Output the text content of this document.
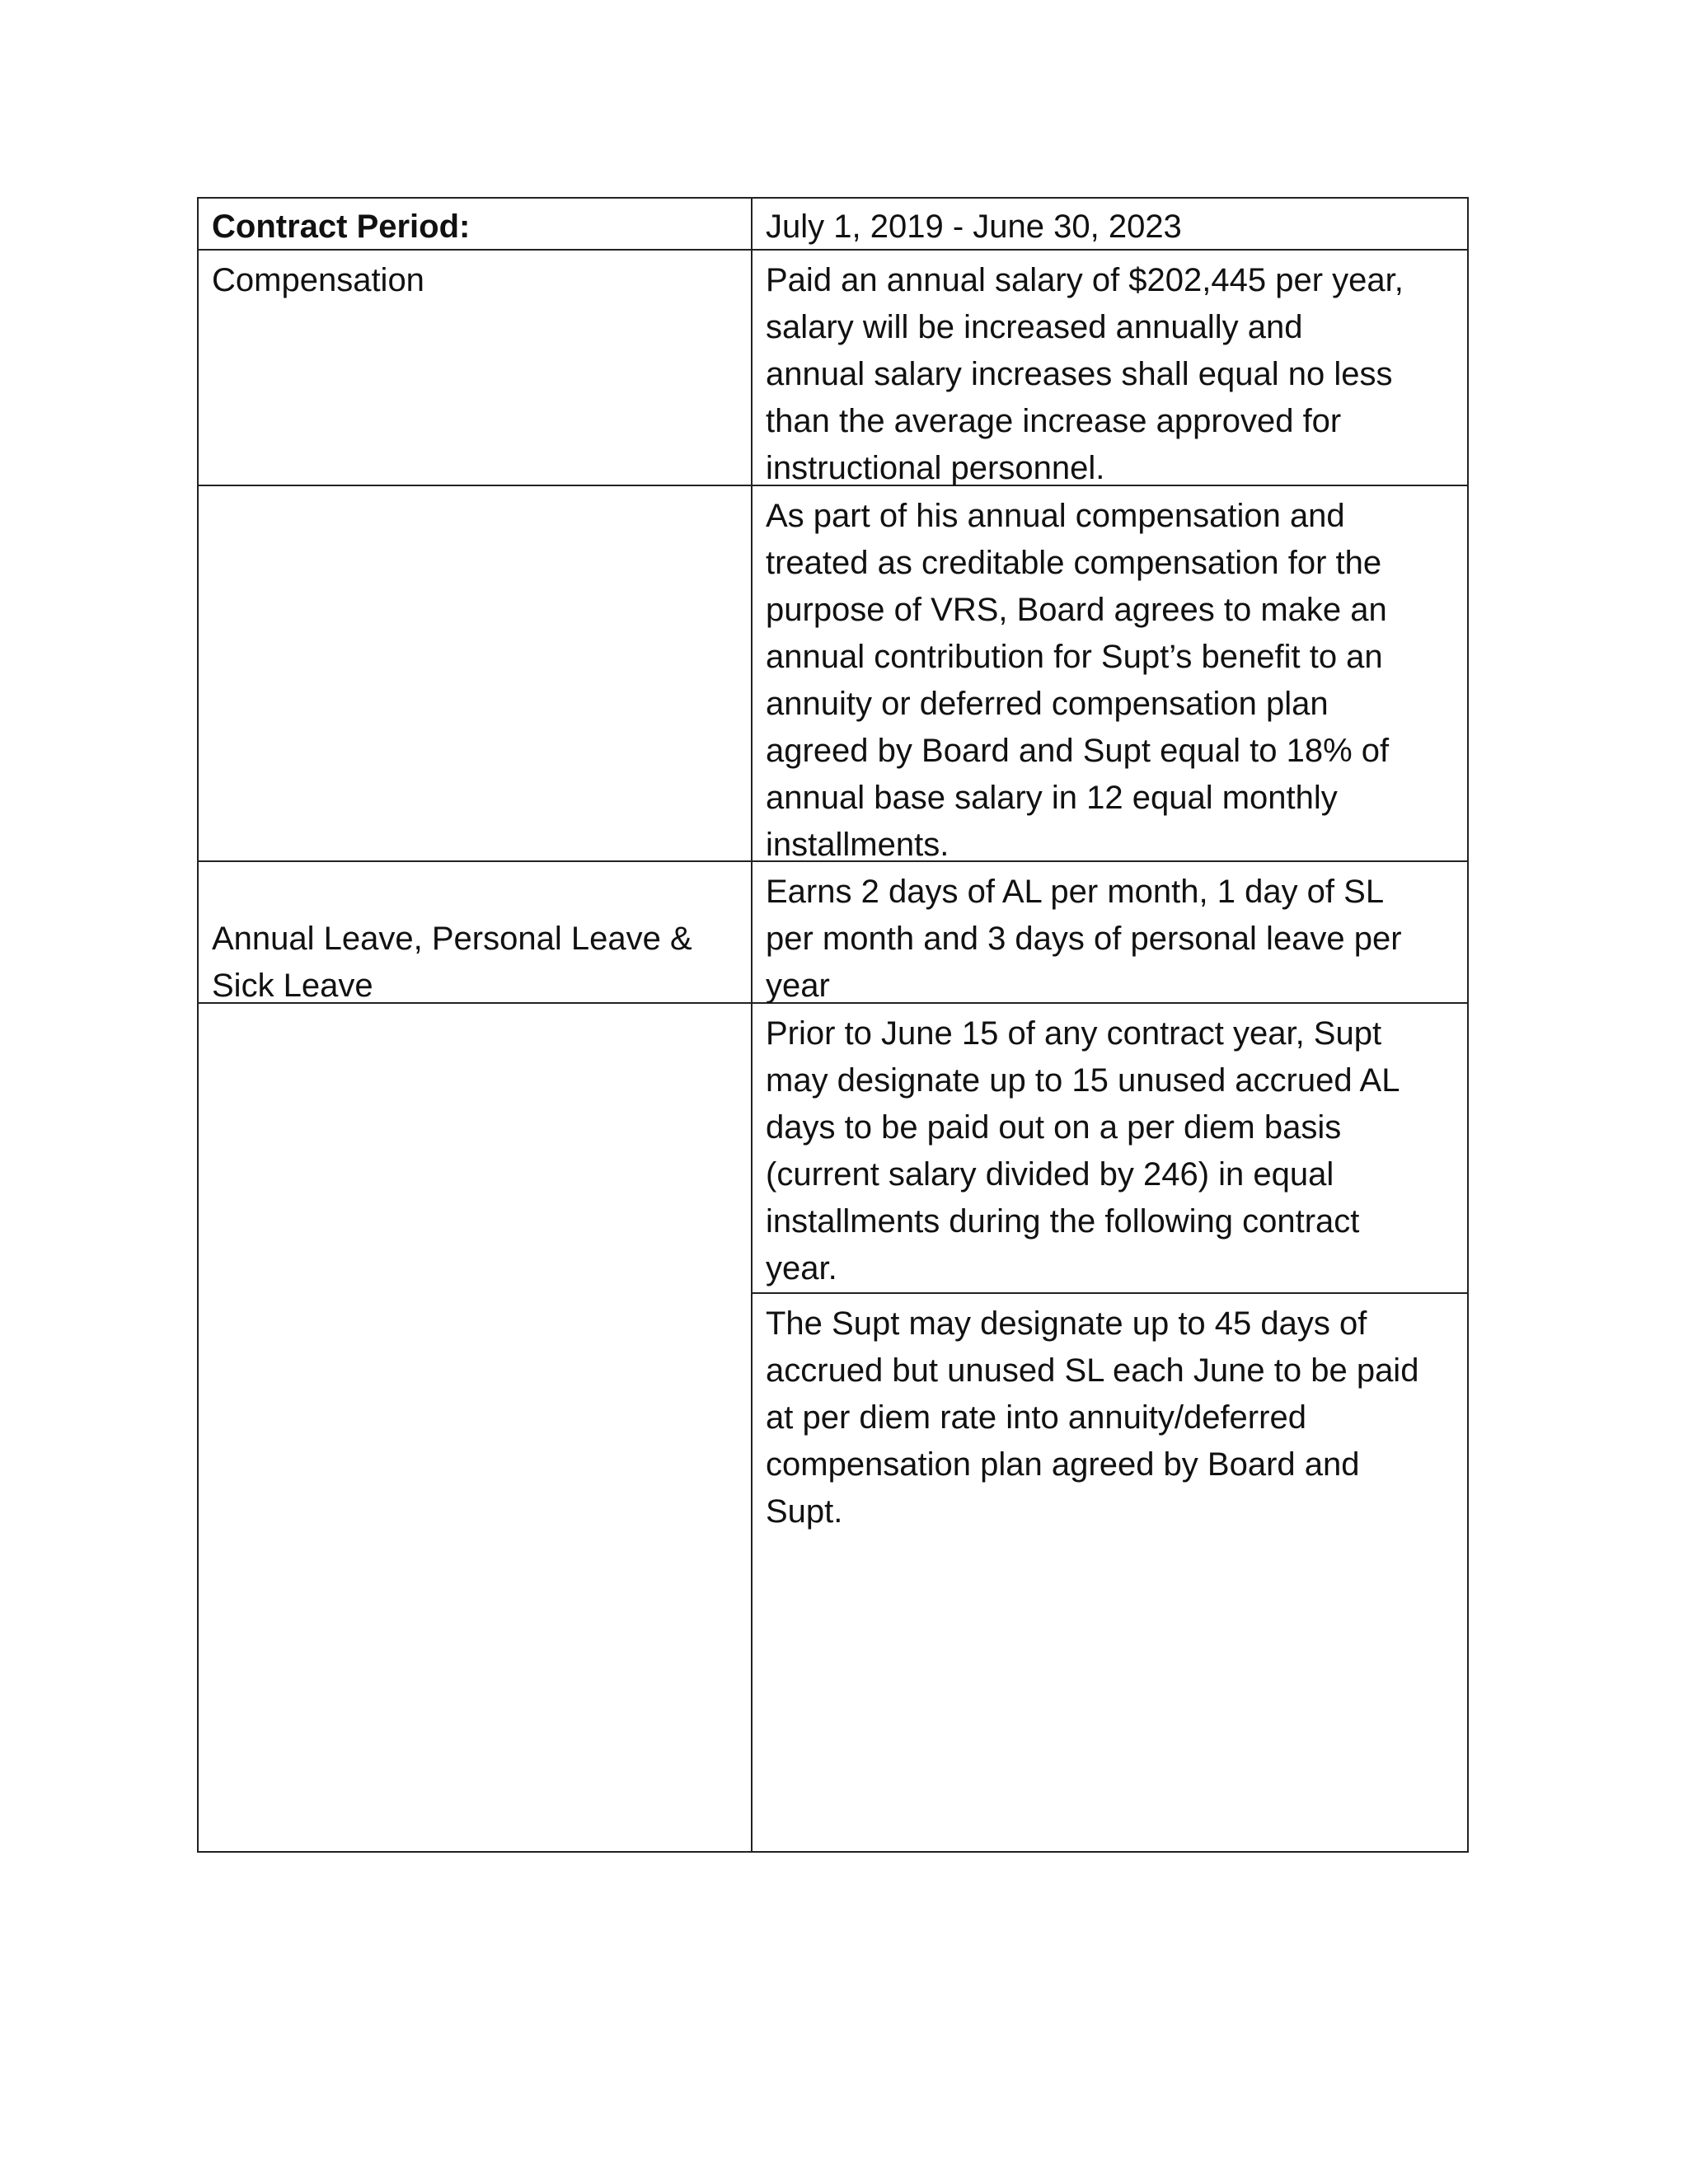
Contract Period:	July 1, 2019 - June 30, 2023
Compensation	Paid an annual salary of $202,445 per year,
salary will be increased annually and
annual salary increases shall equal no less
than the average increase approved for
instructional personnel.
As part of his annual compensation and
treated as creditable compensation for the
purpose of VRS, Board agrees to make an
annual contribution for Supt’s benefit to an
annuity or deferred compensation plan
agreed by Board and Supt equal to 18% of
annual base salary in 12 equal monthly
installments.

Annual Leave, Personal Leave &
Sick Leave
Earns 2 days of AL per month, 1 day of SL
per month and 3 days of personal leave per
year
Prior to June 15 of any contract year, Supt
may designate up to 15 unused accrued AL
days to be paid out on a per diem basis
(current salary divided by 246) in equal
installments during the following contract
year.
The Supt may designate up to 45 days of
accrued but unused SL each June to be paid
at per diem rate into annuity/deferred
compensation plan agreed by Board and
Supt.
